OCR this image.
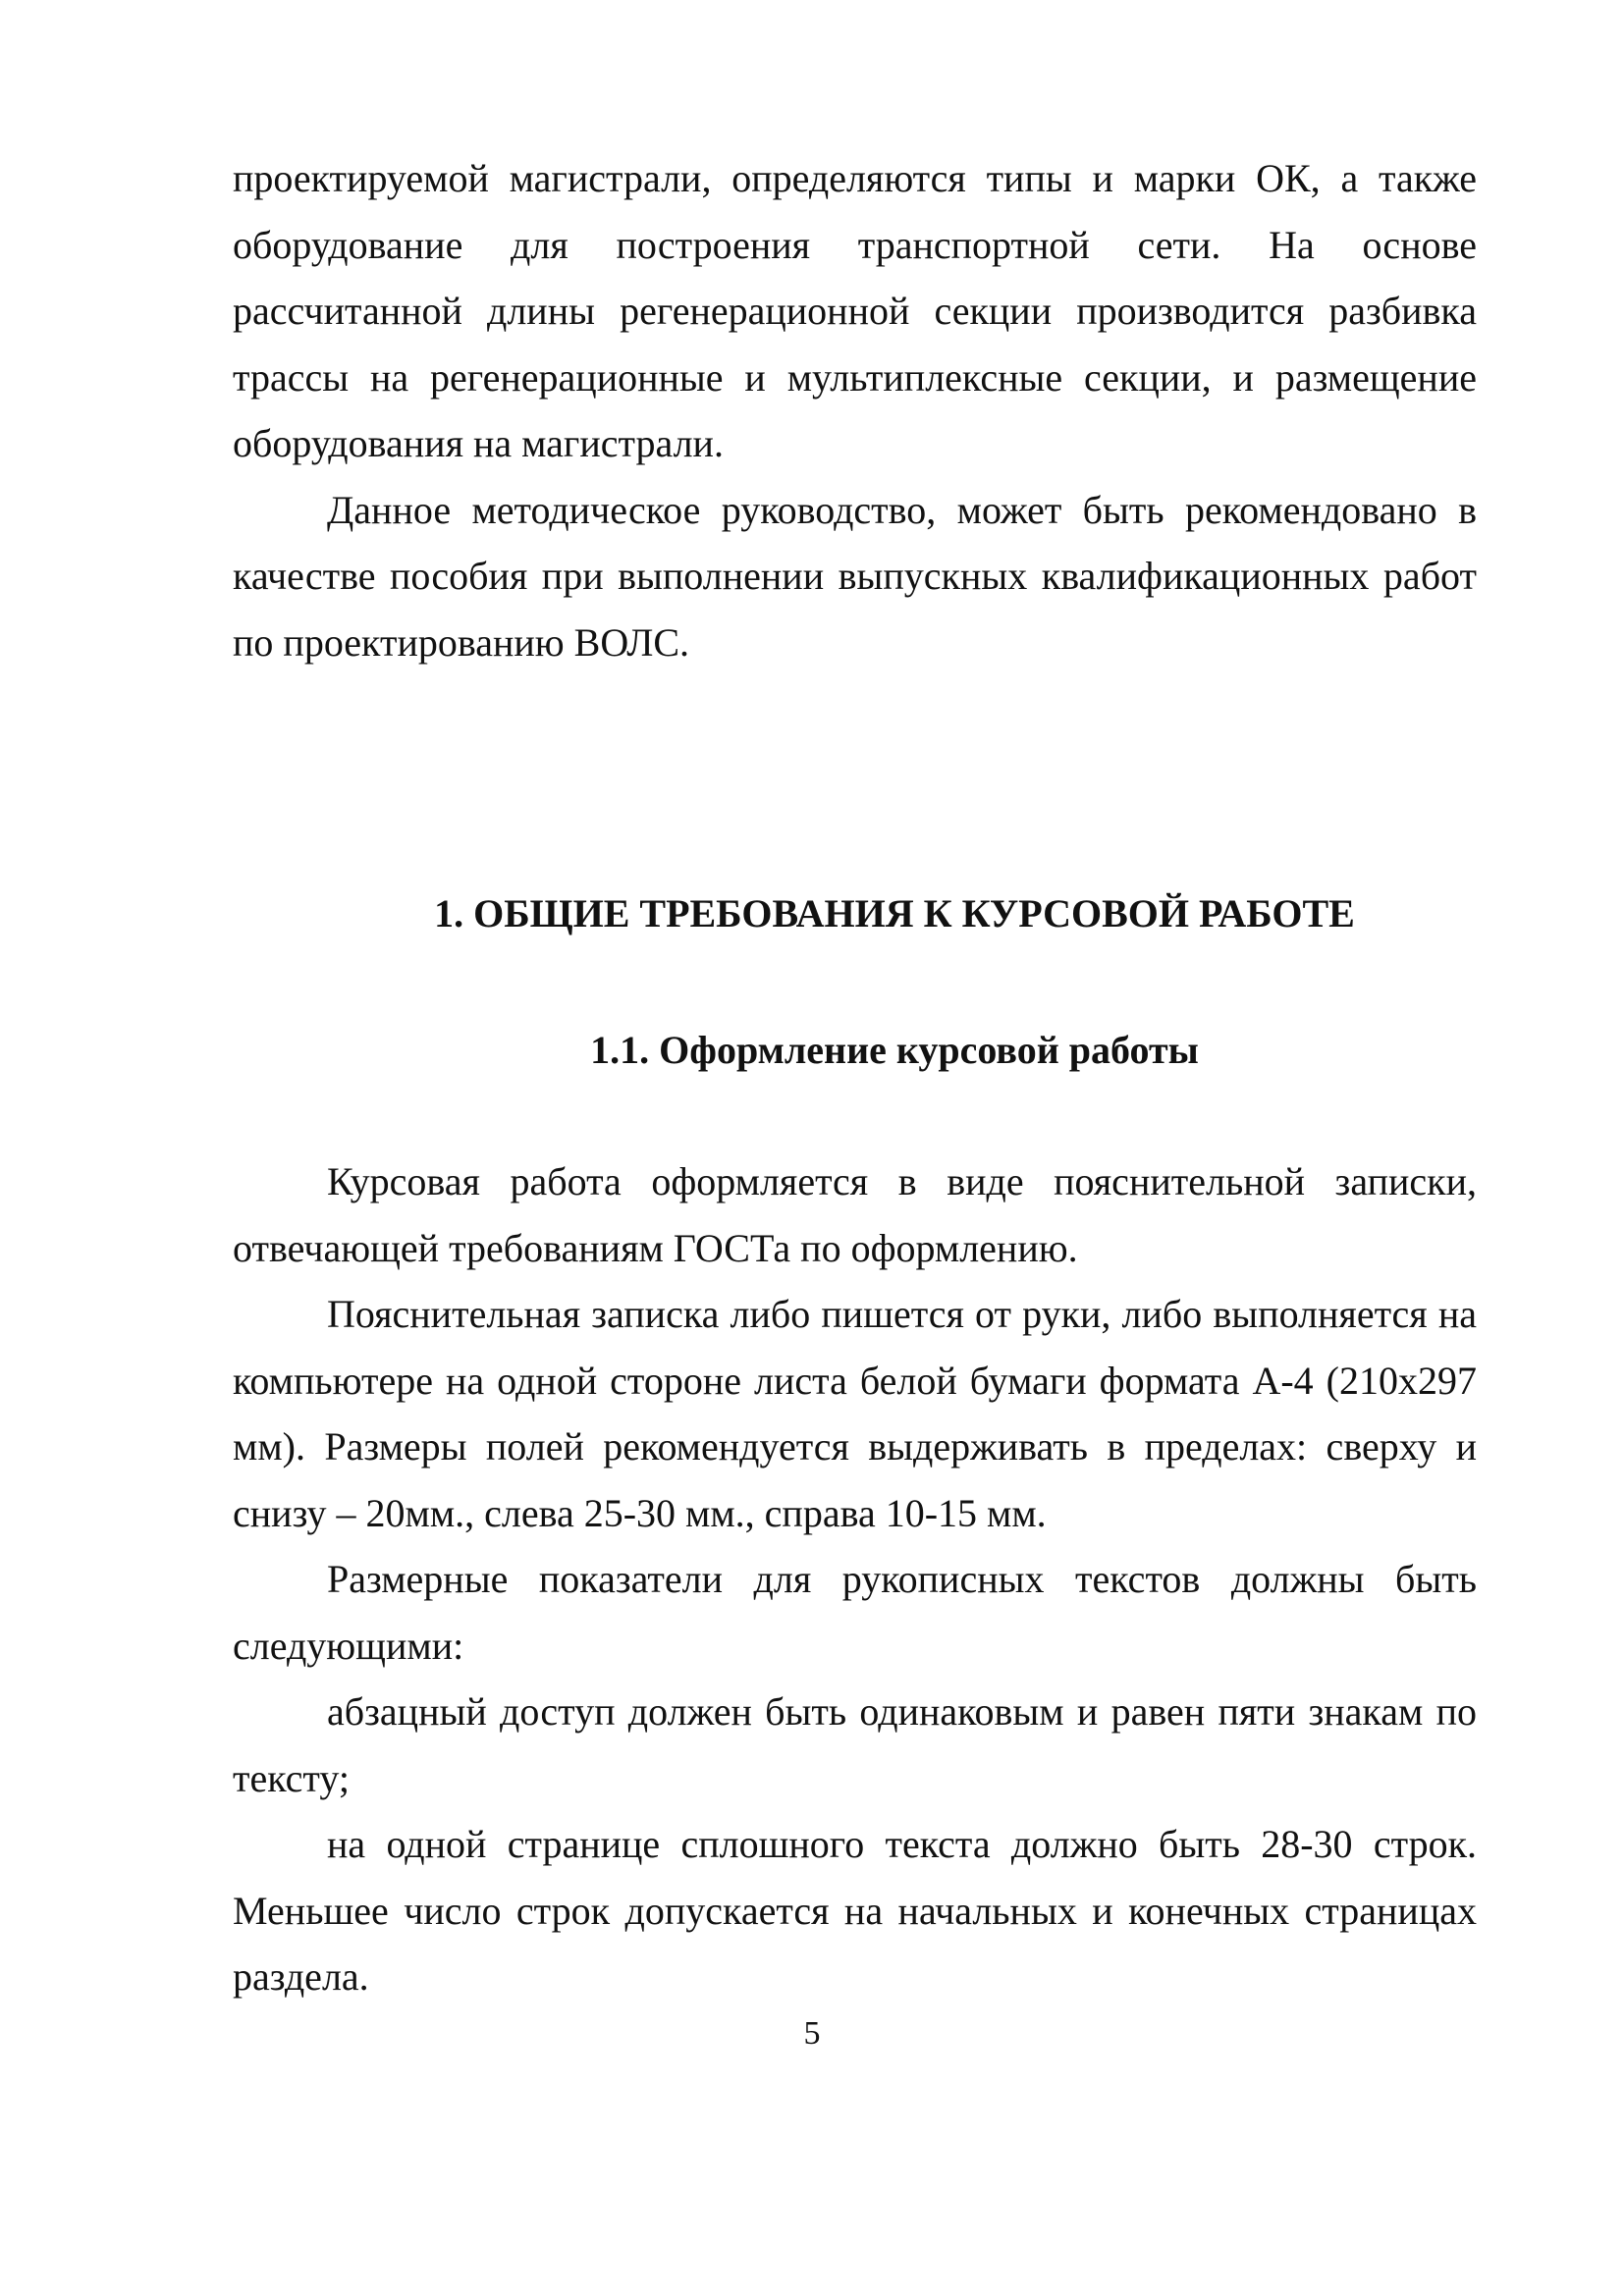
проектируемой магистрали, определяются типы и марки ОК, а также оборудование для построения транспортной сети. На основе рассчитанной длины регенерационной секции производится разбивка трассы на регенерационные и мультиплексные секции, и размещение оборудования на магистрали.

Данное методическое руководство, может быть рекомендовано в качестве пособия при выполнении выпускных квалификационных работ по проектированию ВОЛС.

1. ОБЩИЕ ТРЕБОВАНИЯ К КУРСОВОЙ РАБОТЕ
1.1. Оформление курсовой работы

Курсовая работа оформляется в виде пояснительной записки, отвечающей требованиям ГОСТа по оформлению.

Пояснительная записка либо пишется от руки, либо выполняется на компьютере на одной стороне листа белой бумаги формата А-4 (210х297 мм). Размеры полей рекомендуется выдерживать в пределах: сверху и снизу – 20мм., слева 25-30 мм., справа 10-15 мм.

Размерные показатели для рукописных текстов должны быть следующими:

абзацный доступ должен быть одинаковым и равен пяти знакам по тексту;

на одной странице сплошного текста должно быть 28-30 строк. Меньшее число строк допускается на начальных и конечных страницах раздела.

5
